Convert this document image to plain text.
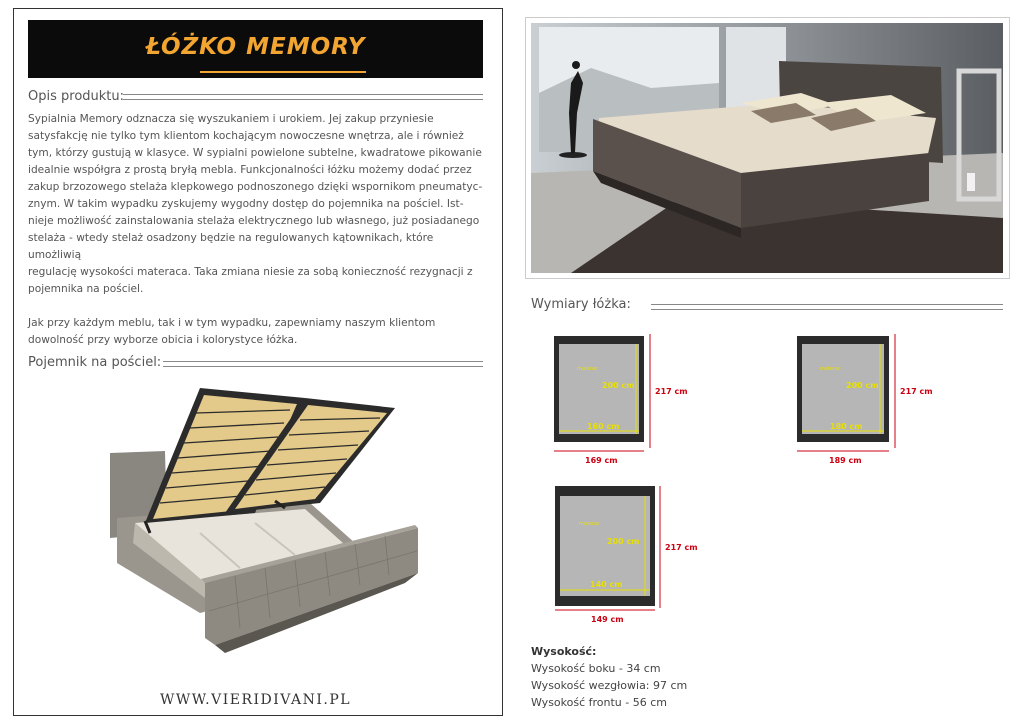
ŁÓŻKO MEMORY
Opis produktu:

Sypialnia Memory odznacza się wyszukaniem i urokiem. Jej zakup przyniesie

satysfakcję nie tylko tym klientom kochającym nowoczesne wnętrza, ale i również

tym, którzy gustują w klasyce. W sypialni powielone subtelne, kwadratowe pikowanie

idealnie współgra z prostą bryłą mebla. Funkcjonalności łóżku możemy dodać przez

zakup brzozowego stelaża klepkowego podnoszonego dzięki wspornikom pneumatyc-

znym. W takim wypadku zyskujemy wygodny dostęp do pojemnika na pościel. Ist-

nieje możliwość zainstalowania stelaża elektrycznego lub własnego, już posiadanego

stelaża - wtedy stelaż osadzony będzie na regulowanych kątownikach, które umożliwią

regulację wysokości materaca. Taka zmiana niesie za sobą konieczność rezygnacji z

pojemnika na pościel.

Jak przy każdym meblu, tak i w tym wypadku, zapewniamy naszym klientom

dowolność przy wyborze obicia i kolorystyce łóżka.

Pojemnik na pościel:
WWW.VIERIDIVANI.PL
Wymiary łóżka:
materac
200 cm
160 cm
217 cm
169 cm
materac
200 cm
180 cm
217 cm
189 cm
materac
200 cm
140 cm
217 cm
149 cm
Wysokość:
Wysokość boku - 34 cm
Wysokość wezgłowia: 97 cm
Wysokość frontu - 56 cm
